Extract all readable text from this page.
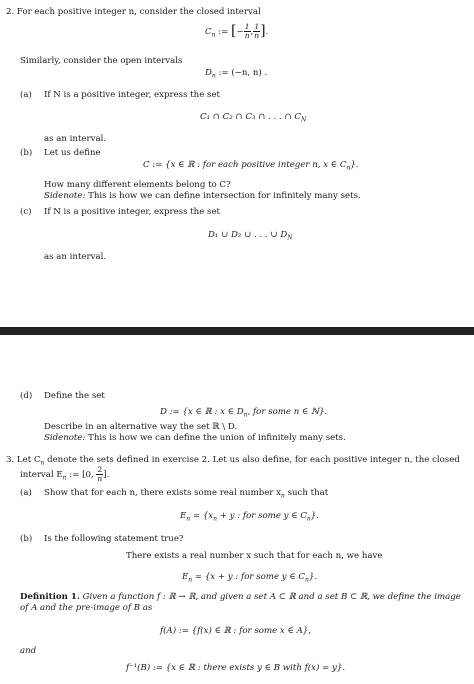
2. For each positive integer n, consider the closed interval
$C_n$ := [− $\frac{1}{n}$ , $\frac{1}{n}$ ].
Similarly, consider the open intervals
$D_n$ := (−n, n) .
(a) If N is a positive integer, express the set
C₁ ∩ C₂ ∩ C₃ ∩ . . . ∩ $C_N$
as an interval.
(b) Let us define
C := {x ∈ ℝ : for each positive integer n, x ∈ $C_n$}.
How many different elements belong to C?
Sidenote: This is how we can define intersection for infinitely many sets.
(c) If N is a positive integer, express the set
D₁ ∪ D₂ ∪ . . . ∪ $D_N$
as an interval.
(d) Define the set
D := {x ∈ ℝ : x ∈ $D_n$, for some n ∈ ℕ}.
Describe in an alternative way the set ℝ \ D.
Sidenote: This is how we can define the union of infinitely many sets.
3. Let $C_n$ denote the sets defined in exercise 2. Let us also define, for each positive integer n, the closed
interval $E_n$ := [0, $\frac{2}{n}$ ].
(a) Show that for each n, there exists some real number $x_n$ such that
$E_n = \{x_n + y$ : for some y ∈ $C_n$}.
(b) Is the following statement true?
There exists a real number x such that for each n, we have
$E_n = \{x + y$ : for some y ∈ $C_n$}.
Definition 1. Given a function f : ℝ → ℝ, and given a set A ⊂ ℝ and a set B ⊂ ℝ, we define the image
of A and the pre-image of B as
f(A) := {f(x) ∈ ℝ : for some x ∈ A},
and
f⁻¹(B) := {x ∈ ℝ : there exists y ∈ B with f(x) = y}.
